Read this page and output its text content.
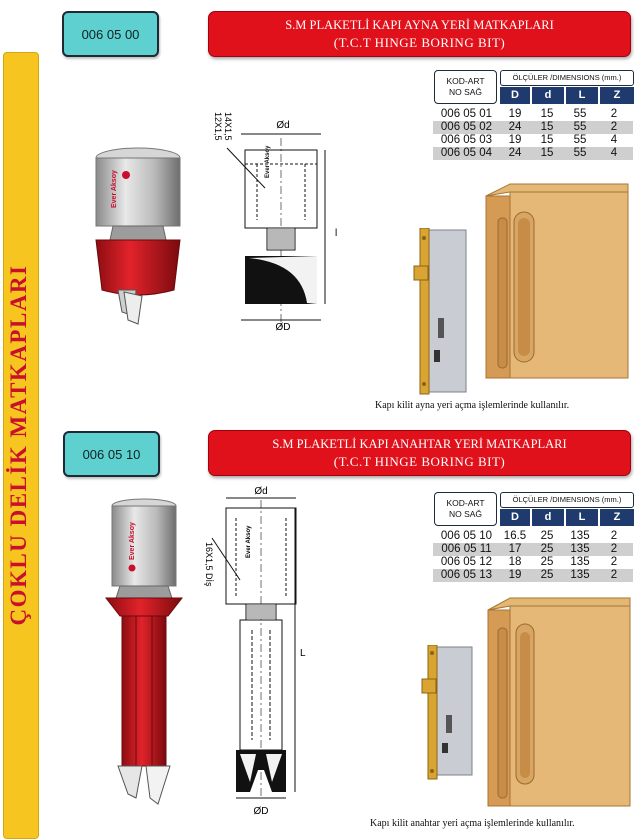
ÇOKLU DELİK MATKAPLARI
006 05 00
S.M PLAKETLİ KAPI AYNA YERİ MATKAPLARI
(T.C.T HINGE BORING BIT)
KOD-ART
NO SAĞ
ÖLÇÜLER /DIMENSIONS (mm.)
D	d	L	Z
006 05 01	19	15	55	2
006 05 02	24	15	55	2
006 05 03	19	15	55	4
006 05 04	24	15	55	4
Ever Aksoy
Ød
ØD
l
14X1,5
12X1,5
Ever Aksoy
Kapı kilit ayna yeri açma işlemlerinde kullanılır.
006 05 10
S.M PLAKETLİ KAPI ANAHTAR YERİ MATKAPLARI
(T.C.T HINGE BORING BIT)
KOD-ART
NO SAĞ
ÖLÇÜLER /DIMENSIONS (mm.)
D	d	L	Z
006 05 10	16.5	25	135	2
006 05 11	17	25	135	2
006 05 12	18	25	135	2
006 05 13	19	25	135	2
Ever Aksoy
Ød
ØD
L
16X1,5 Dİş
Ever Aksoy
Kapı kilit anahtar yeri açma işlemlerinde kullanılır.
